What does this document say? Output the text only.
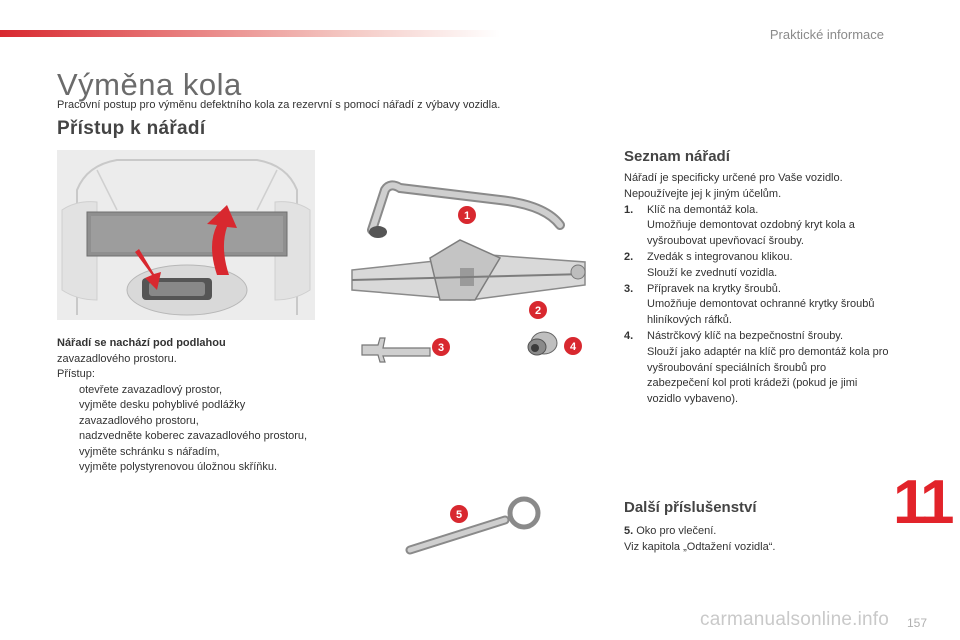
Praktické informace
Výměna kola

Pracovní postup pro výměnu defektního kola za rezervní s pomocí nářadí z výbavy vozidla.

Přístup k nářadí
Nářadí se nachází pod podlahou
zavazadlového prostoru.
Přístup:
otevřete zavazadlový prostor,
vyjměte desku pohyblivé podlážky zavazadlového prostoru,
nadzvedněte koberec zavazadlového prostoru,
vyjměte schránku s nářadím,
vyjměte polystyrenovou úložnou skříňku.
1
2
3	4
5
Seznam nářadí
Nářadí je specificky určené pro Vaše vozidlo.
Nepoužívejte jej k jiným účelům.
1.	Klíč na demontáž kola.
Umožňuje demontovat ozdobný kryt kola a vyšroubovat upevňovací šrouby.
2.	Zvedák s integrovanou klikou.
Slouží ke zvednutí vozidla.
3.	Přípravek na krytky šroubů.
Umožňuje demontovat ochranné krytky šroubů hliníkových ráfků.
4.	Nástrčkový klíč na bezpečnostní šrouby.
Slouží jako adaptér na klíč pro demontáž kola pro vyšroubování speciálních šroubů pro zabezpečení kol proti krádeži (pokud je jimi vozidlo vybaveno).
Další příslušenství
5. Oko pro vlečení.
Viz kapitola „Odtažení vozidla“.
11
157
carmanualsonline.info
